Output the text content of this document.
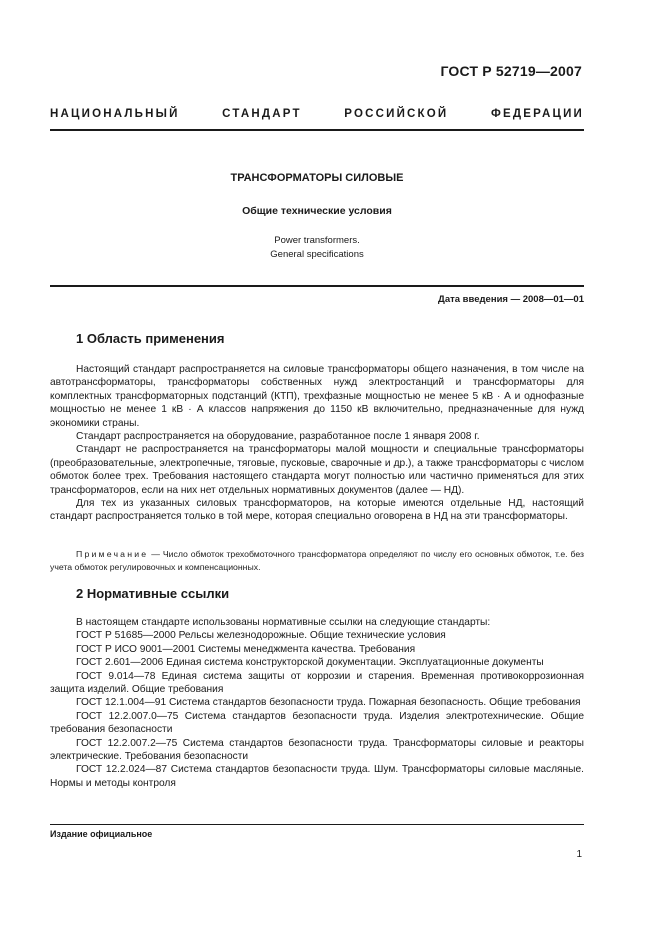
ГОСТ Р 52719—2007
НАЦИОНАЛЬНЫЙ	СТАНДАРТ	РОССИЙСКОЙ	ФЕДЕРАЦИИ
ТРАНСФОРМАТОРЫ СИЛОВЫЕ
Общие технические условия
Power transformers.
General specifications
Дата введения — 2008—01—01
1 Область применения

Настоящий стандарт распространяется на силовые трансформаторы общего назначения, в том числе на автотрансформаторы, трансформаторы собственных нужд электростанций и трансформаторы для комплектных трансформаторных подстанций (КТП), трехфазные мощностью не менее 5 кВ · А и однофазные мощностью не менее 1 кВ · А классов напряжения до 1150 кВ включительно, предназначенные для нужд экономики страны.

Стандарт распространяется на оборудование, разработанное после 1 января 2008 г.

Стандарт не распространяется на трансформаторы малой мощности и специальные трансформаторы (преобразовательные, электропечные, тяговые, пусковые, сварочные и др.), а также трансформаторы с числом обмоток более трех. Требования настоящего стандарта могут полностью или частично применяться для этих трансформаторов, если на них нет отдельных нормативных документов (далее — НД).

Для тех из указанных силовых трансформаторов, на которые имеются отдельные НД, настоящий стандарт распространяется только в той мере, которая специально оговорена в НД на эти трансформаторы.

Примечание — Число обмоток трехобмоточного трансформатора определяют по числу его основных обмоток, т.е. без учета обмоток регулировочных и компенсационных.

2 Нормативные ссылки

В настоящем стандарте использованы нормативные ссылки на следующие стандарты:

ГОСТ Р 51685—2000 Рельсы железнодорожные. Общие технические условия

ГОСТ Р ИСО 9001—2001 Системы менеджмента качества. Требования

ГОСТ 2.601—2006 Единая система конструкторской документации. Эксплуатационные документы

ГОСТ 9.014—78 Единая система защиты от коррозии и старения. Временная противокоррозионная защита изделий. Общие требования

ГОСТ 12.1.004—91 Система стандартов безопасности труда. Пожарная безопасность. Общие требования

ГОСТ 12.2.007.0—75 Система стандартов безопасности труда. Изделия электротехнические. Общие требования безопасности

ГОСТ 12.2.007.2—75 Система стандартов безопасности труда. Трансформаторы силовые и реакторы электрические. Требования безопасности

ГОСТ 12.2.024—87 Система стандартов безопасности труда. Шум. Трансформаторы силовые масляные. Нормы и методы контроля

Издание официальное
1
